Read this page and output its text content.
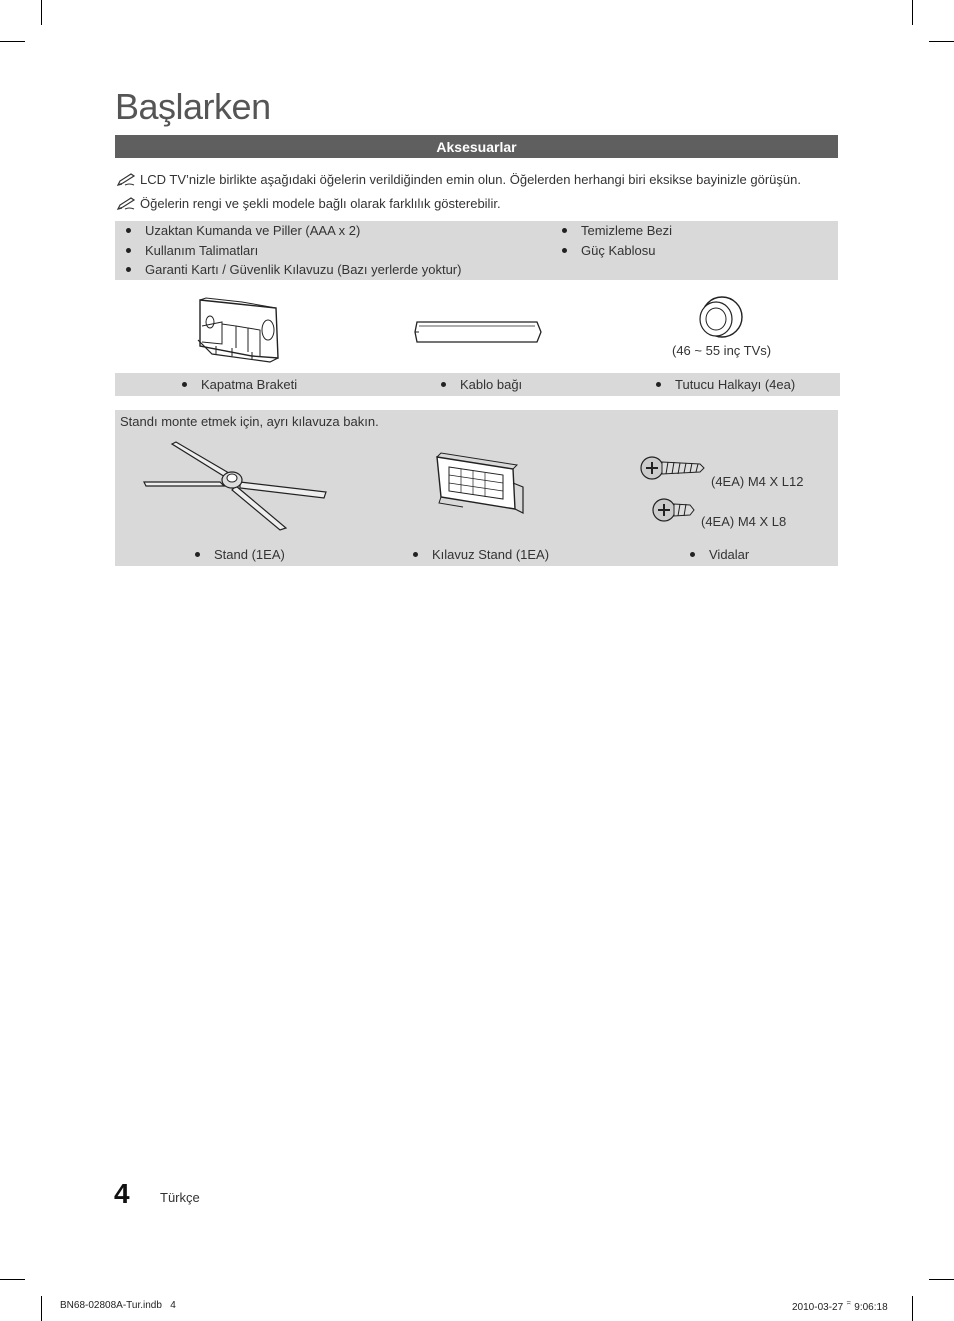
Başlarken
Aksesuarlar
LCD TV’nizle birlikte aşağıdaki öğelerin verildiğinden emin olun. Öğelerden herhangi biri eksikse bayinizle görüşün.
Öğelerin rengi ve şekli modele bağlı olarak farklılık gösterebilir.
Uzaktan Kumanda ve Piller (AAA x 2)
Kullanım Talimatları
Garanti Kartı / Güvenlik Kılavuzu (Bazı yerlerde yoktur)
Temizleme Bezi
Güç Kablosu
(46 ~ 55 inç TVs)
Kapatma Braketi	Kablo bağı	Tutucu Halkayı (4ea)
Standı monte etmek için, ayrı kılavuza bakın.
(4EA) M4 X L12
(4EA) M4 X L8
Stand (1EA)	Kılavuz Stand (1EA)	Vidalar
4 Türkçe
BN68-02808A-Tur.indb   4	2010-03-27   ꩰ 9:06:18
